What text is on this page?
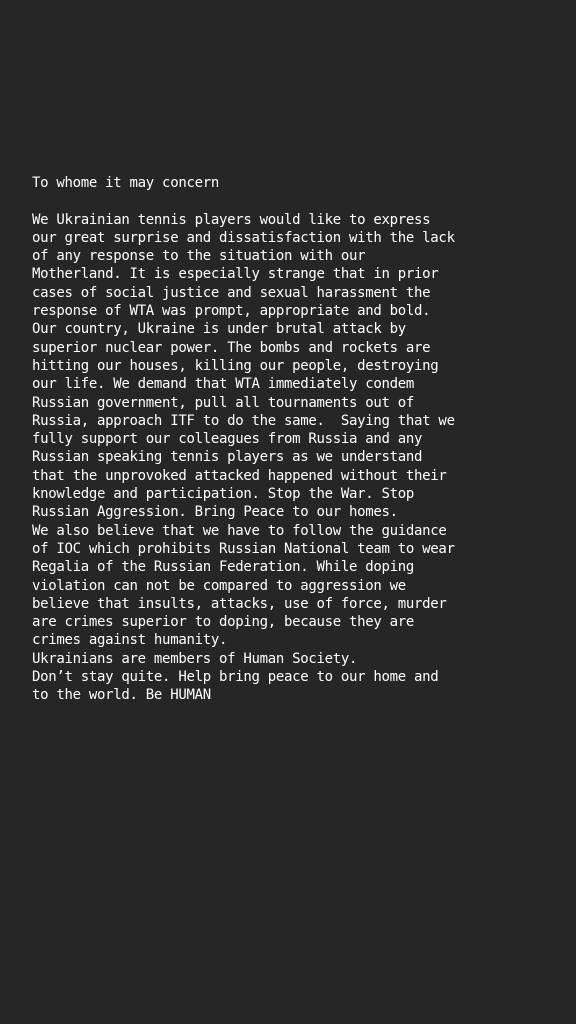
To whome it may concern
We Ukrainian tennis players would like to express
our great surprise and dissatisfaction with the lack
of any response to the situation with our
Motherland. It is especially strange that in prior
cases of social justice and sexual harassment the
response of WTA was prompt, appropriate and bold.
Our country, Ukraine is under brutal attack by
superior nuclear power. The bombs and rockets are
hitting our houses, killing our people, destroying
our life. We demand that WTA immediately condem
Russian government, pull all tournaments out of
Russia, approach ITF to do the same.  Saying that we
fully support our colleagues from Russia and any
Russian speaking tennis players as we understand
that the unprovoked attacked happened without their
knowledge and participation. Stop the War. Stop
Russian Aggression. Bring Peace to our homes.
We also believe that we have to follow the guidance
of IOC which prohibits Russian National team to wear
Regalia of the Russian Federation. While doping
violation can not be compared to aggression we
believe that insults, attacks, use of force, murder
are crimes superior to doping, because they are
crimes against humanity.
Ukrainians are members of Human Society.
Don’t stay quite. Help bring peace to our home and
to the world. Be HUMAN
